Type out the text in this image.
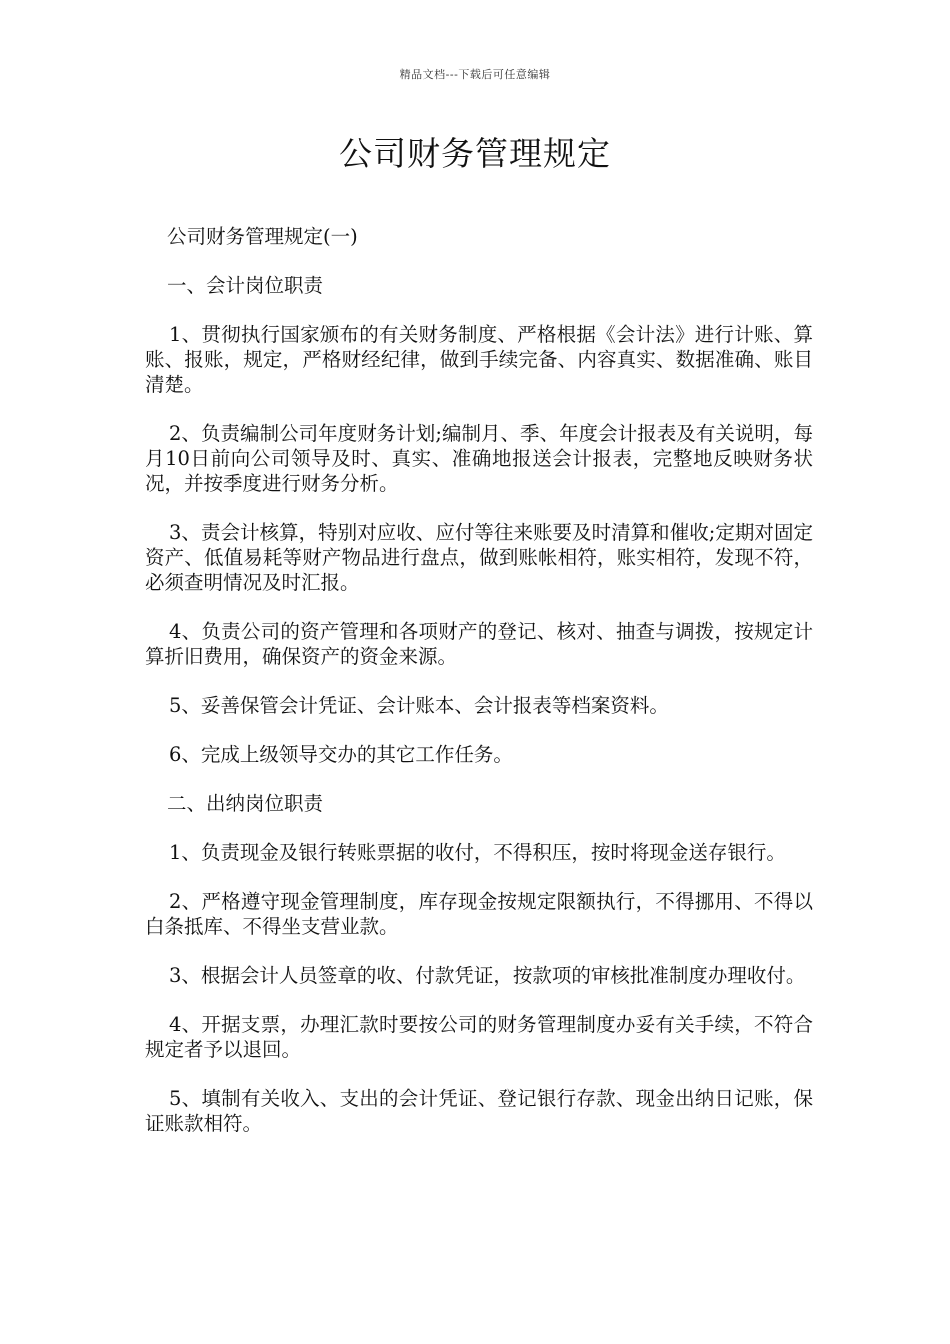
精品文档---下载后可任意编辑
公司财务管理规定

公司财务管理规定(一)

一、会计岗位职责

1、贯彻执行国家颁布的有关财务制度、严格根据《会计法》进行计账、算账、报账，规定，严格财经纪律，做到手续完备、内容真实、数据准确、账目清楚。

2、负责编制公司年度财务计划;编制月、季、年度会计报表及有关说明，每月10日前向公司领导及时、真实、准确地报送会计报表，完整地反映财务状况，并按季度进行财务分析。

3、责会计核算，特别对应收、应付等往来账要及时清算和催收;定期对固定资产、低值易耗等财产物品进行盘点，做到账帐相符，账实相符，发现不符，必须查明情况及时汇报。

4、负责公司的资产管理和各项财产的登记、核对、抽查与调拨，按规定计算折旧费用，确保资产的资金来源。

5、妥善保管会计凭证、会计账本、会计报表等档案资料。

6、完成上级领导交办的其它工作任务。

二、出纳岗位职责

1、负责现金及银行转账票据的收付，不得积压，按时将现金送存银行。

2、严格遵守现金管理制度，库存现金按规定限额执行，不得挪用、不得以白条抵库、不得坐支营业款。

3、根据会计人员签章的收、付款凭证，按款项的审核批准制度办理收付。

4、开据支票，办理汇款时要按公司的财务管理制度办妥有关手续，不符合规定者予以退回。

5、填制有关收入、支出的会计凭证、登记银行存款、现金出纳日记账，保证账款相符。
